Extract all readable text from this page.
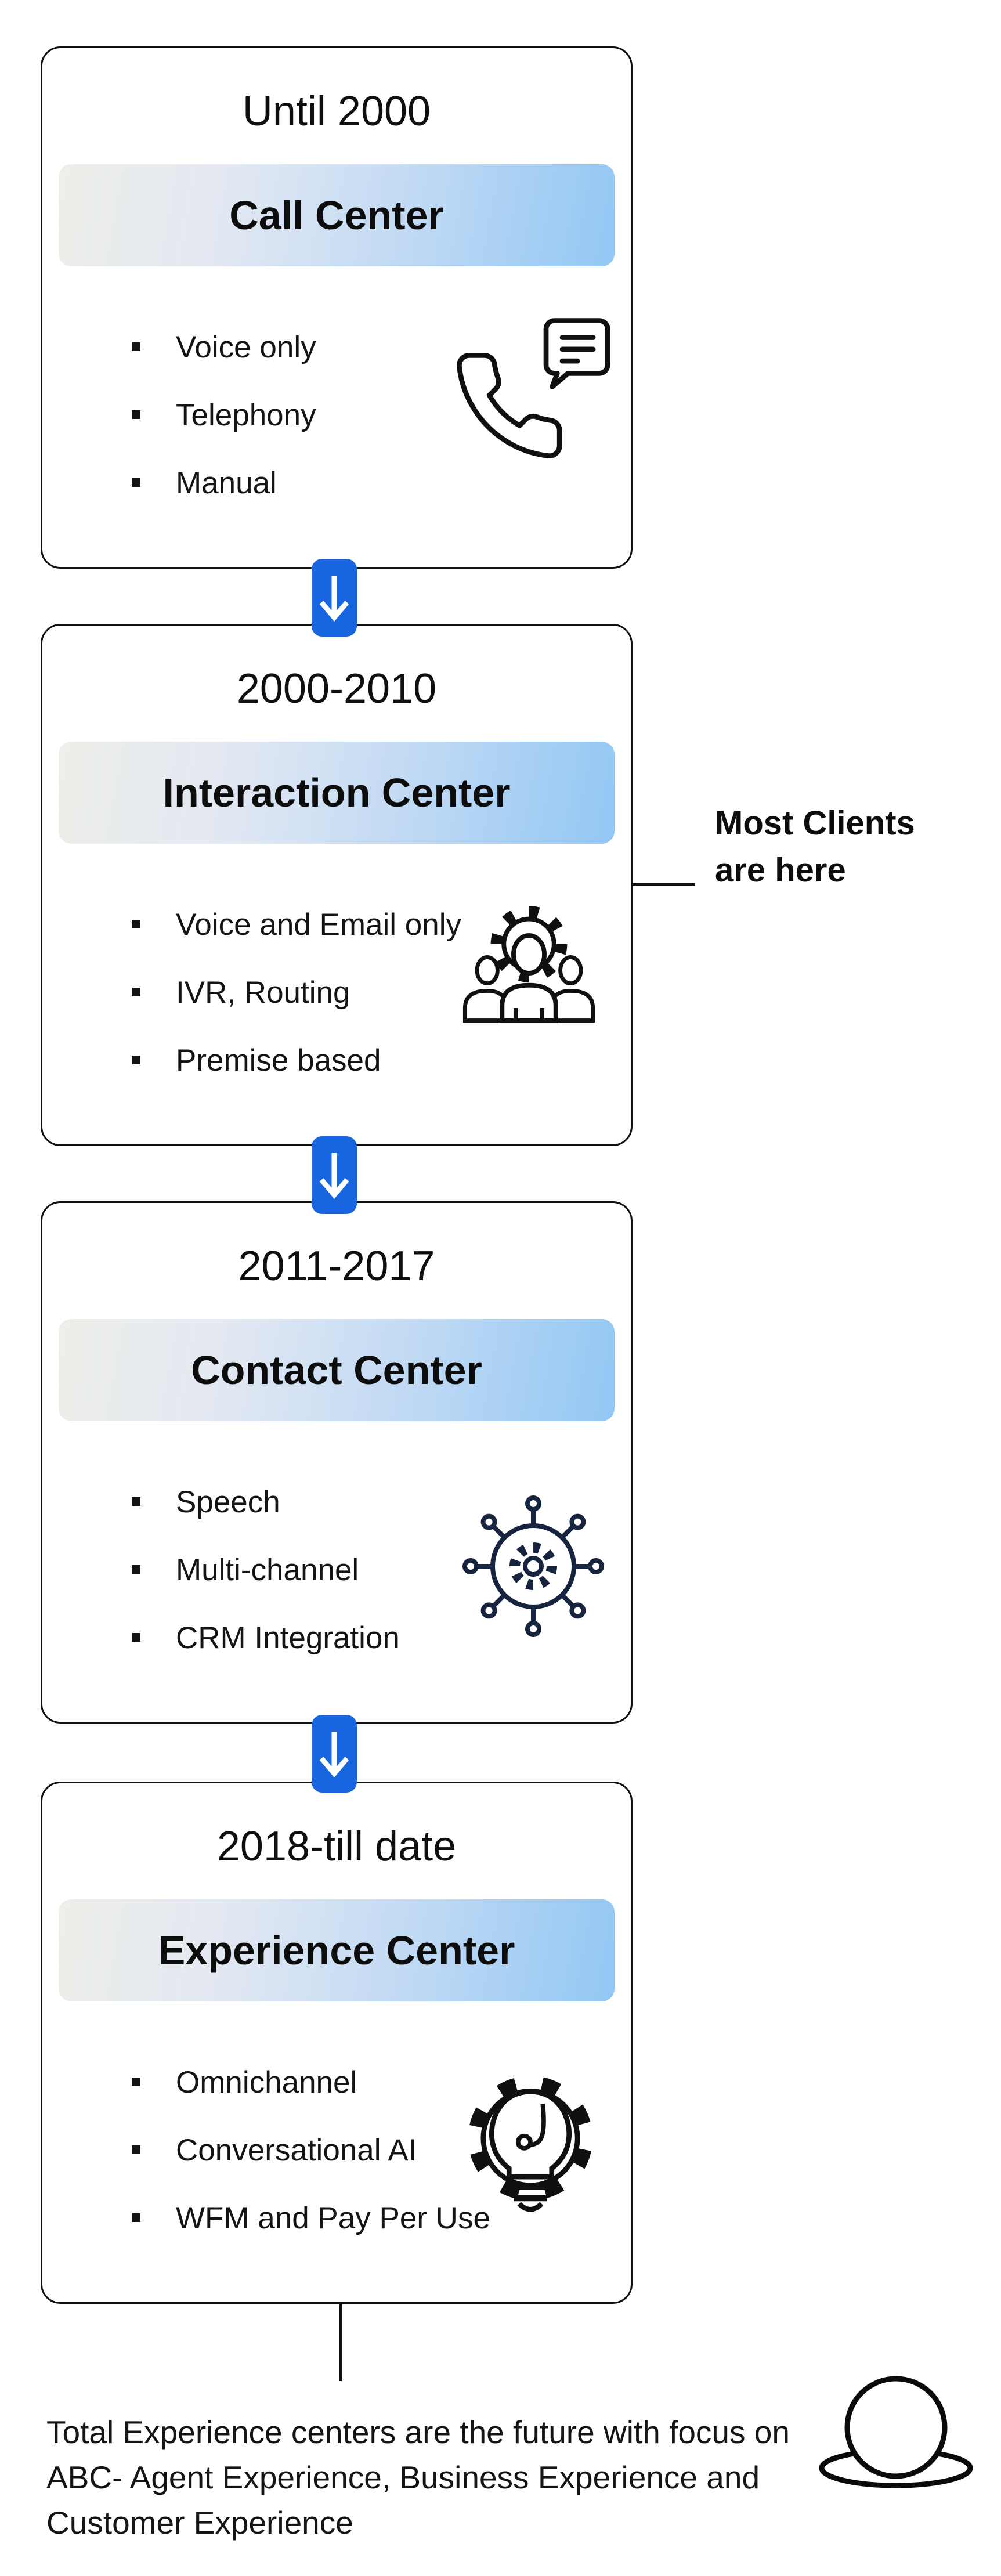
Until 2000
Call Center
Voice only
Telephony
Manual
2000-2010
Interaction Center
Voice and Email only
IVR, Routing
Premise based
Most Clients are here
2011-2017
Contact Center
Speech
Multi-channel
CRM Integration
2018-till date
Experience Center
Omnichannel
Conversational AI
WFM and Pay Per Use

Total Experience centers are the future with focus on ABC- Agent Experience, Business Experience and Customer Experience
